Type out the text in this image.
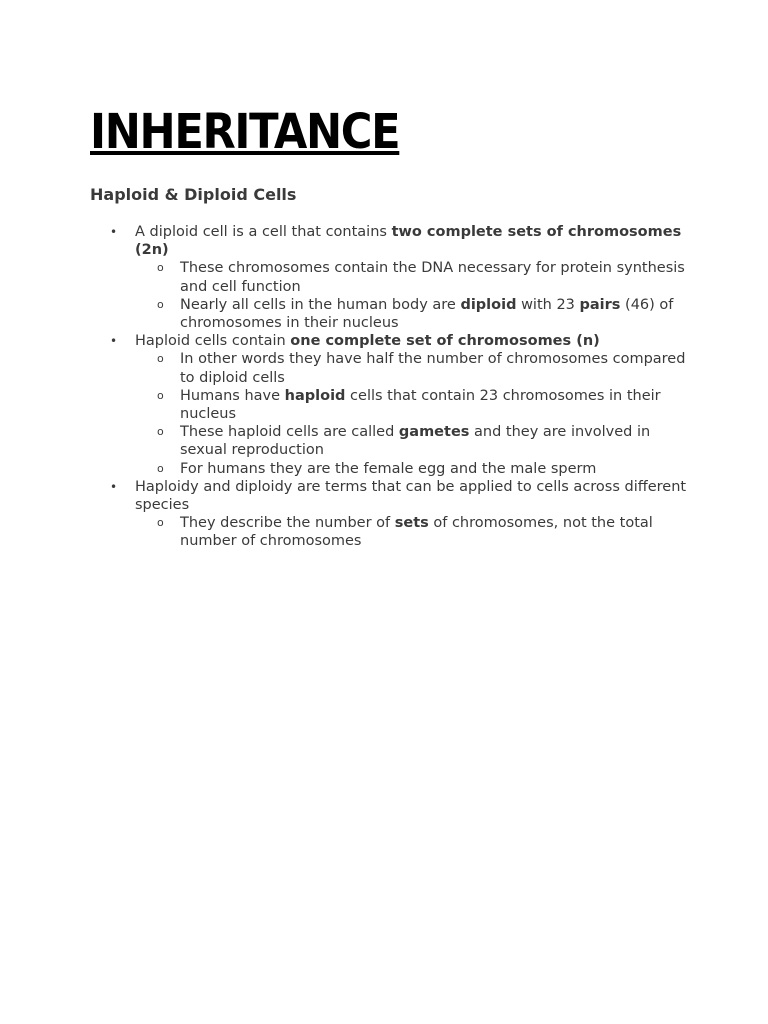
INHERITANCE
Haploid & Diploid Cells
• A diploid cell is a cell that contains two complete sets of chromosomes (2n)
o These chromosomes contain the DNA necessary for protein synthesis and cell function
o Nearly all cells in the human body are diploid with 23 pairs (46) of chromosomes in their nucleus
• Haploid cells contain one complete set of chromosomes (n)
o In other words they have half the number of chromosomes compared to diploid cells
o Humans have haploid cells that contain 23 chromosomes in their nucleus
o These haploid cells are called gametes and they are involved in sexual reproduction
o For humans they are the female egg and the male sperm
• Haploidy and diploidy are terms that can be applied to cells across different species
o They describe the number of sets of chromosomes, not the total number of chromosomes
